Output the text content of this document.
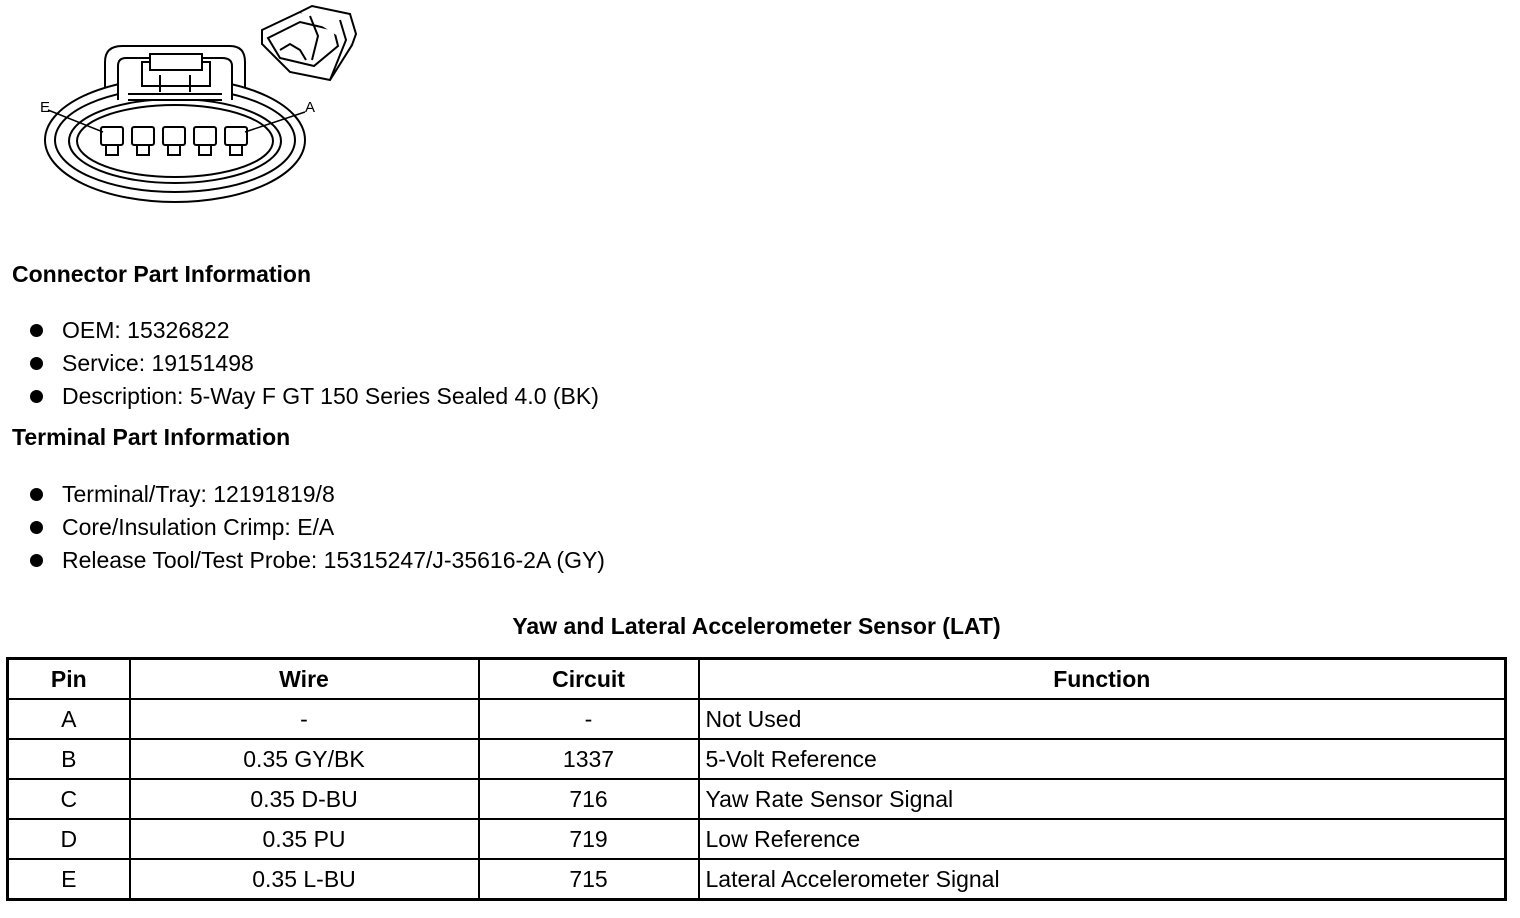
E	A
Connector Part Information
OEM: 15326822
Service: 19151498
Description: 5-Way F GT 150 Series Sealed 4.0 (BK)
Terminal Part Information
Terminal/Tray: 12191819/8
Core/Insulation Crimp: E/A
Release Tool/Test Probe: 15315247/J-35616-2A (GY)
Yaw and Lateral Accelerometer Sensor (LAT)
Pin	Wire	Circuit	Function
A	-	-	Not Used
B	0.35 GY/BK	1337	5-Volt Reference
C	0.35 D-BU	716	Yaw Rate Sensor Signal
D	0.35 PU	719	Low Reference
E	0.35 L-BU	715	Lateral Accelerometer Signal
